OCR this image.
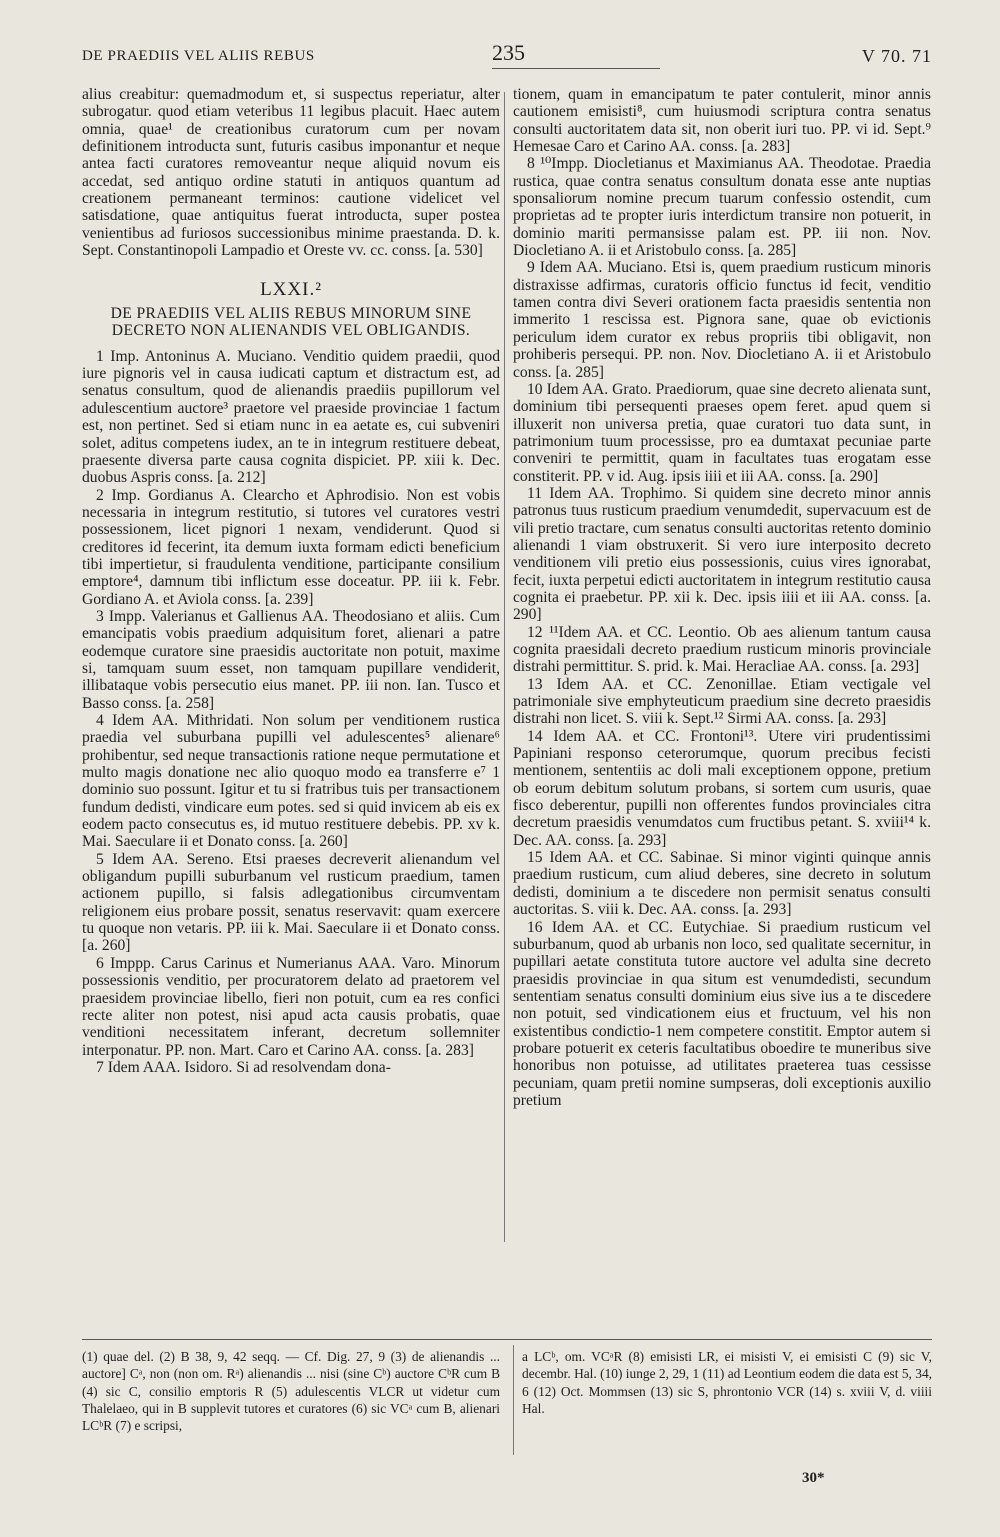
DE PRAEDIIS VEL ALIIS REBUS	235	V 70. 71

alius creabitur: quemadmodum et, si suspectus reperiatur, alter subrogatur. quod etiam veteribus 11 legibus placuit. Haec autem omnia, quae¹ de creationibus curatorum cum per novam definitionem introducta sunt, futuris casibus imponantur et neque antea facti curatores removeantur neque aliquid novum eis accedat, sed antiquo ordine statuti in antiquos quantum ad creationem permaneant terminos: cautione videlicet vel satisdatione, quae antiquitus fuerat introducta, super postea venientibus ad furiosos successionibus minime praestanda. D. k. Sept. Constantinopoli Lampadio et Oreste vv. cc. conss. [a. 530]

LXXI.²
DE PRAEDIIS VEL ALIIS REBUS MINORUM SINE DECRETO NON ALIENANDIS VEL OBLIGANDIS.

1 Imp. Antoninus A. Muciano. Venditio quidem praedii, quod iure pignoris vel in causa iudicati captum et distractum est, ad senatus consultum, quod de alienandis praediis pupillorum vel adulescentium auctore³ praetore vel praeside provinciae 1 factum est, non pertinet. Sed si etiam nunc in ea aetate es, cui subveniri solet, aditus competens iudex, an te in integrum restituere debeat, praesente diversa parte causa cognita dispiciet. PP. xiii k. Dec. duobus Aspris conss. [a. 212]

2 Imp. Gordianus A. Clearcho et Aphrodisio. Non est vobis necessaria in integrum restitutio, si tutores vel curatores vestri possessionem, licet pignori 1 nexam, vendiderunt. Quod si creditores id fecerint, ita demum iuxta formam edicti beneficium tibi impertietur, si fraudulenta venditione, participante consilium emptore⁴, damnum tibi inflictum esse doceatur. PP. iii k. Febr. Gordiano A. et Aviola conss. [a. 239]

3 Impp. Valerianus et Gallienus AA. Theodosiano et aliis. Cum emancipatis vobis praedium adquisitum foret, alienari a patre eodemque curatore sine praesidis auctoritate non potuit, maxime si, tamquam suum esset, non tamquam pupillare vendiderit, illibataque vobis persecutio eius manet. PP. iii non. Ian. Tusco et Basso conss. [a. 258]

4 Idem AA. Mithridati. Non solum per venditionem rustica praedia vel suburbana pupilli vel adulescentes⁵ alienare⁶ prohibentur, sed neque transactionis ratione neque permutatione et multo magis donatione nec alio quoquo modo ea transferre e⁷ 1 dominio suo possunt. Igitur et tu si fratribus tuis per transactionem fundum dedisti, vindicare eum potes. sed si quid invicem ab eis ex eodem pacto consecutus es, id mutuo restituere debebis. PP. xv k. Mai. Saeculare ii et Donato conss. [a. 260]

5 Idem AA. Sereno. Etsi praeses decreverit alienandum vel obligandum pupilli suburbanum vel rusticum praedium, tamen actionem pupillo, si falsis adlegationibus circumventam religionem eius probare possit, senatus reservavit: quam exercere tu quoque non vetaris. PP. iii k. Mai. Saeculare ii et Donato conss. [a. 260]

6 Imppp. Carus Carinus et Numerianus AAA. Varo. Minorum possessionis venditio, per procuratorem delato ad praetorem vel praesidem provinciae libello, fieri non potuit, cum ea res confici recte aliter non potest, nisi apud acta causis probatis, quae venditioni necessitatem inferant, decretum sollemniter interponatur. PP. non. Mart. Caro et Carino AA. conss. [a. 283]

7 Idem AAA. Isidoro. Si ad resolvendam dona-

tionem, quam in emancipatum te pater contulerit, minor annis cautionem emisisti⁸, cum huiusmodi scriptura contra senatus consulti auctoritatem data sit, non oberit iuri tuo. PP. vi id. Sept.⁹ Hemesae Caro et Carino AA. conss. [a. 283]

8 ¹⁰Impp. Diocletianus et Maximianus AA. Theodotae. Praedia rustica, quae contra senatus consultum donata esse ante nuptias sponsaliorum nomine precum tuarum confessio ostendit, cum proprietas ad te propter iuris interdictum transire non potuerit, in dominio mariti permansisse palam est. PP. iii non. Nov. Diocletiano A. ii et Aristobulo conss. [a. 285]

9 Idem AA. Muciano. Etsi is, quem praedium rusticum minoris distraxisse adfirmas, curatoris officio functus id fecit, venditio tamen contra divi Severi orationem facta praesidis sententia non immerito 1 rescissa est. Pignora sane, quae ob evictionis periculum idem curator ex rebus propriis tibi obligavit, non prohiberis persequi. PP. non. Nov. Diocletiano A. ii et Aristobulo conss. [a. 285]

10 Idem AA. Grato. Praediorum, quae sine decreto alienata sunt, dominium tibi persequenti praeses opem feret. apud quem si illuxerit non universa pretia, quae curatori tuo data sunt, in patrimonium tuum processisse, pro ea dumtaxat pecuniae parte conveniri te permittit, quam in facultates tuas erogatam esse constiterit. PP. v id. Aug. ipsis iiii et iii AA. conss. [a. 290]

11 Idem AA. Trophimo. Si quidem sine decreto minor annis patronus tuus rusticum praedium venumdedit, supervacuum est de vili pretio tractare, cum senatus consulti auctoritas retento dominio alienandi 1 viam obstruxerit. Si vero iure interposito decreto venditionem vili pretio eius possessionis, cuius vires ignorabat, fecit, iuxta perpetui edicti auctoritatem in integrum restitutio causa cognita ei praebetur. PP. xii k. Dec. ipsis iiii et iii AA. conss. [a. 290]

12 ¹¹Idem AA. et CC. Leontio. Ob aes alienum tantum causa cognita praesidali decreto praedium rusticum minoris provinciale distrahi permittitur. S. prid. k. Mai. Heracliae AA. conss. [a. 293]

13 Idem AA. et CC. Zenonillae. Etiam vectigale vel patrimoniale sive emphyteuticum praedium sine decreto praesidis distrahi non licet. S. viii k. Sept.¹² Sirmi AA. conss. [a. 293]

14 Idem AA. et CC. Frontoni¹³. Utere viri prudentissimi Papiniani responso ceterorumque, quorum precibus fecisti mentionem, sententiis ac doli mali exceptionem oppone, pretium ob eorum debitum solutum probans, si sortem cum usuris, quae fisco deberentur, pupilli non offerentes fundos provinciales citra decretum praesidis venumdatos cum fructibus petant. S. xviii¹⁴ k. Dec. AA. conss. [a. 293]

15 Idem AA. et CC. Sabinae. Si minor viginti quinque annis praedium rusticum, cum aliud deberes, sine decreto in solutum dedisti, dominium a te discedere non permisit senatus consulti auctoritas. S. viii k. Dec. AA. conss. [a. 293]

16 Idem AA. et CC. Eutychiae. Si praedium rusticum vel suburbanum, quod ab urbanis non loco, sed qualitate secernitur, in pupillari aetate constituta tutore auctore vel adulta sine decreto praesidis provinciae in qua situm est venumdedisti, secundum sententiam senatus consulti dominium eius sive ius a te discedere non potuit, sed vindicationem eius et fructuum, vel his non existentibus condictio-1 nem competere constitit. Emptor autem si probare potuerit ex ceteris facultatibus oboedire te muneribus sive honoribus non potuisse, ad utilitates praeterea tuas cessisse pecuniam, quam pretii nomine sumpseras, doli exceptionis auxilio pretium

(1) quae del. (2) B 38, 9, 42 seqq. — Cf. Dig. 27, 9 (3) de alienandis ... auctore] Cᵃ, non (non om. Rᵃ) alienandis ... nisi (sine Cᵇ) auctore CᵇR cum B (4) sic C, consilio emptoris R (5) adulescentis VLCR ut videtur cum Thalelaeo, qui in B supplevit tutores et curatores (6) sic VCᵃ cum B, alienari LCᵇR (7) e scripsi,

a LCᵇ, om. VCᵃR (8) emisisti LR, ei misisti V, ei emisisti C (9) sic V, decembr. Hal. (10) iunge 2, 29, 1 (11) ad Leontium eodem die data est 5, 34, 6 (12) Oct. Mommsen (13) sic S, phrontonio VCR (14) s. xviii V, d. viiii Hal.

30*
